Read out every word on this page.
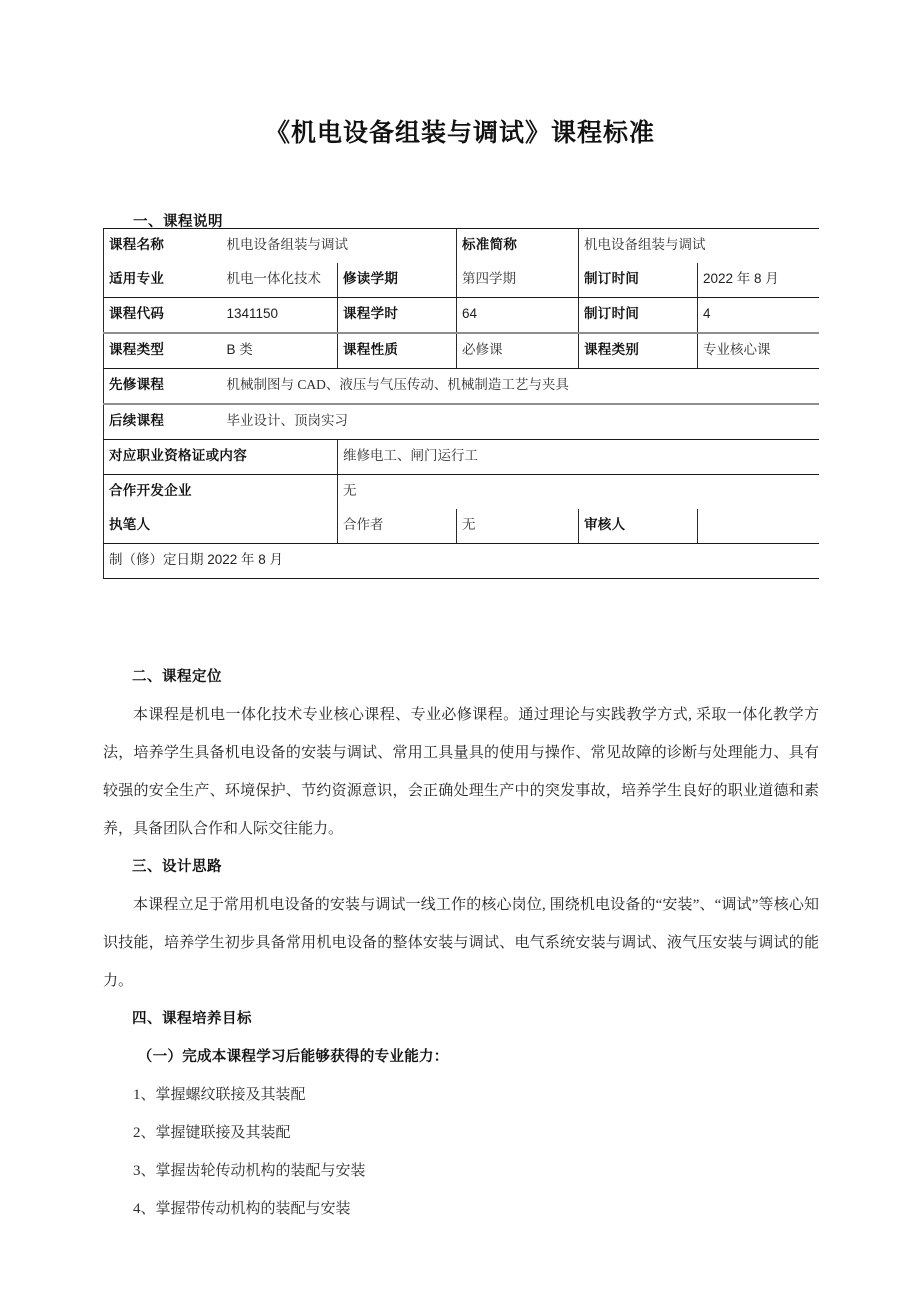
《机电设备组装与调试》课程标准
一、课程说明
课程名称	机电设备组装与调试		标准简称	机电设备组装与调试	
适用专业	机电一体化技术	修读学期	第四学期	制订时间	2022 年 8 月
课程代码	1341150	课程学时	64	制订时间	4
课程类型	B 类	课程性质	必修课	课程类别	专业核心课
先修课程	机械制图与 CAD、液压与气压传动、机械制造工艺与夹具				
后续课程	毕业设计、顶岗实习				
对应职业资格证或内容		维修电工、闸门运行工			
合作开发企业		无			
执笔人		合作者	无	审核人	
制（修）定日期 2022 年 8 月					

二、课程定位

本课程是机电一体化技术专业核心课程、专业必修课程。通过理论与实践教学方式, 采取一体化教学方法，培养学生具备机电设备的安装与调试、常用工具量具的使用与操作、常见故障的诊断与处理能力、具有较强的安全生产、环境保护、节约资源意识，会正确处理生产中的突发事故，培养学生良好的职业道德和素养，具备团队合作和人际交往能力。

三、设计思路

本课程立足于常用机电设备的安装与调试一线工作的核心岗位, 围绕机电设备的“安装”、“调试”等核心知识技能，培养学生初步具备常用机电设备的整体安装与调试、电气系统安装与调试、液气压安装与调试的能力。

四、课程培养目标

（一）完成本课程学习后能够获得的专业能力：

1、掌握螺纹联接及其装配

2、掌握键联接及其装配

3、掌握齿轮传动机构的装配与安装

4、掌握带传动机构的装配与安装
